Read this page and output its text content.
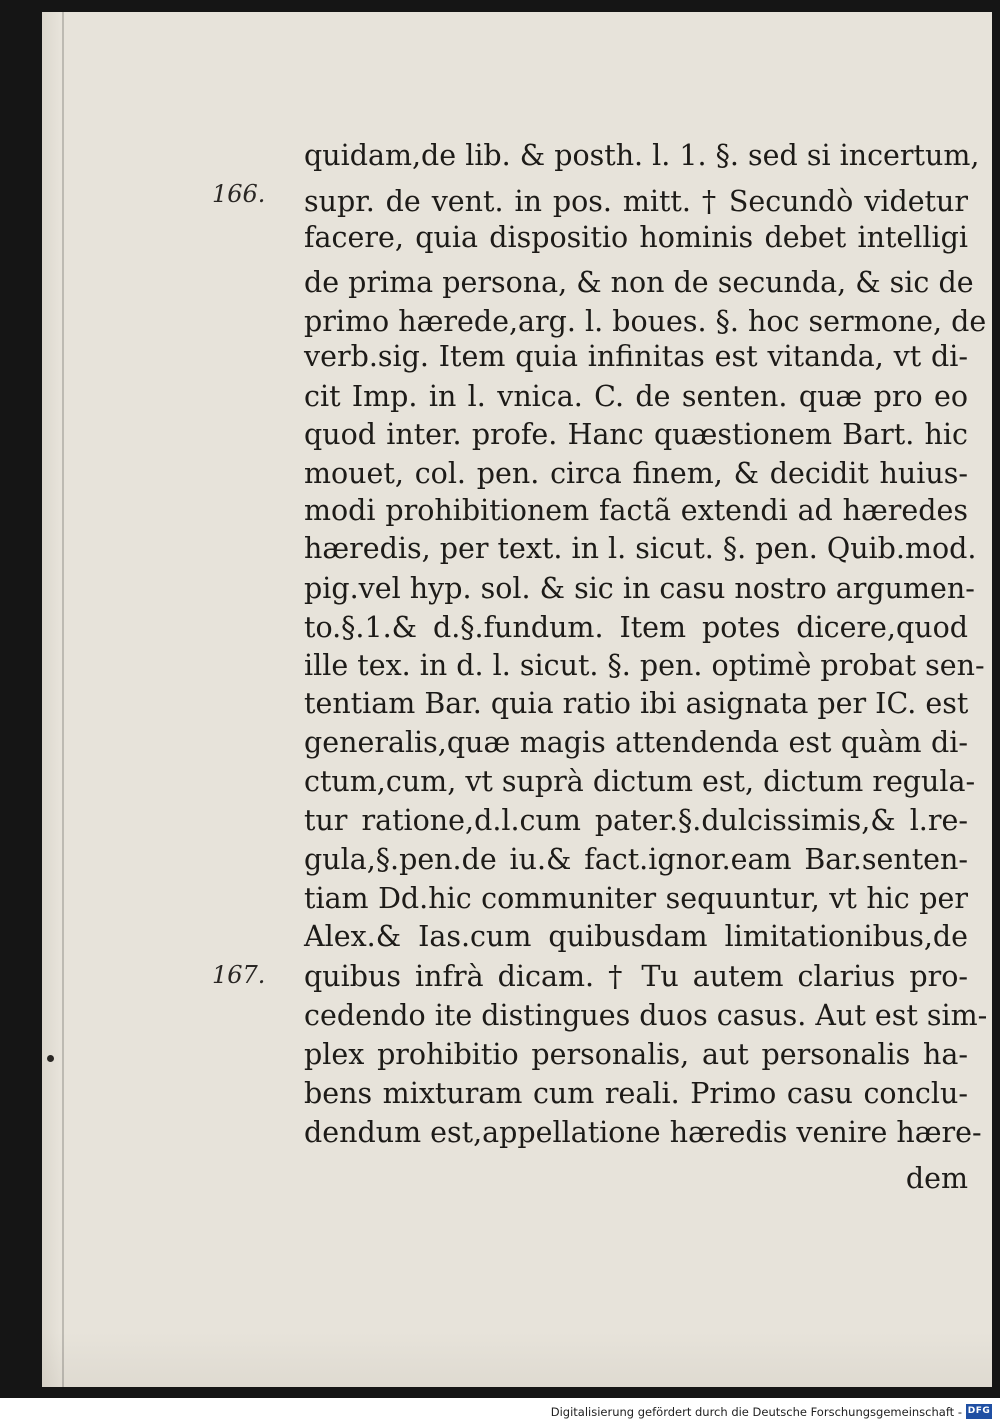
quidam,de lib. & posth. l. 1. §. sed si incertum,
supr. de vent. in pos. mitt. † Secundò videtur
facere, quia dispositio hominis debet intelligi
de prima persona, & non de secunda, & sic de
primo hærede,arg. l. boues. §. hoc sermone, de
verb.sig. Item quia infinitas est vitanda, vt di-
cit Imp. in l. vnica. C. de senten. quæ pro eo
quod inter. profe. Hanc quæstionem Bart. hic
mouet, col. pen. circa finem, & decidit huius-
modi prohibitionem factã extendi ad hæredes
hæredis, per text. in l. sicut. §. pen. Quib.mod.
pig.vel hyp. sol. & sic in casu nostro argumen-
to.§.1.& d.§.fundum. Item potes dicere,quod
ille tex. in d. l. sicut. §. pen. optimè probat sen-
tentiam Bar. quia ratio ibi asignata per IC. est
generalis,quæ magis attendenda est quàm di-
ctum,cum, vt suprà dictum est, dictum regula-
tur ratione,d.l.cum pater.§.dulcissimis,& l.re-
gula,§.pen.de iu.& fact.ignor.eam Bar.senten-
tiam Dd.hic communiter sequuntur, vt hic per
Alex.& Ias.cum quibusdam limitationibus,de
quibus infrà dicam. † Tu autem clarius pro-
cedendo ite distingues duos casus. Aut est sim-
plex prohibitio personalis, aut personalis ha-
bens mixturam cum reali. Primo casu conclu-
dendum est,appellatione hæredis venire hære-
dem
166.
167.
Digitalisierung gefördert durch die Deutsche Forschungsgemeinschaft - DFG
